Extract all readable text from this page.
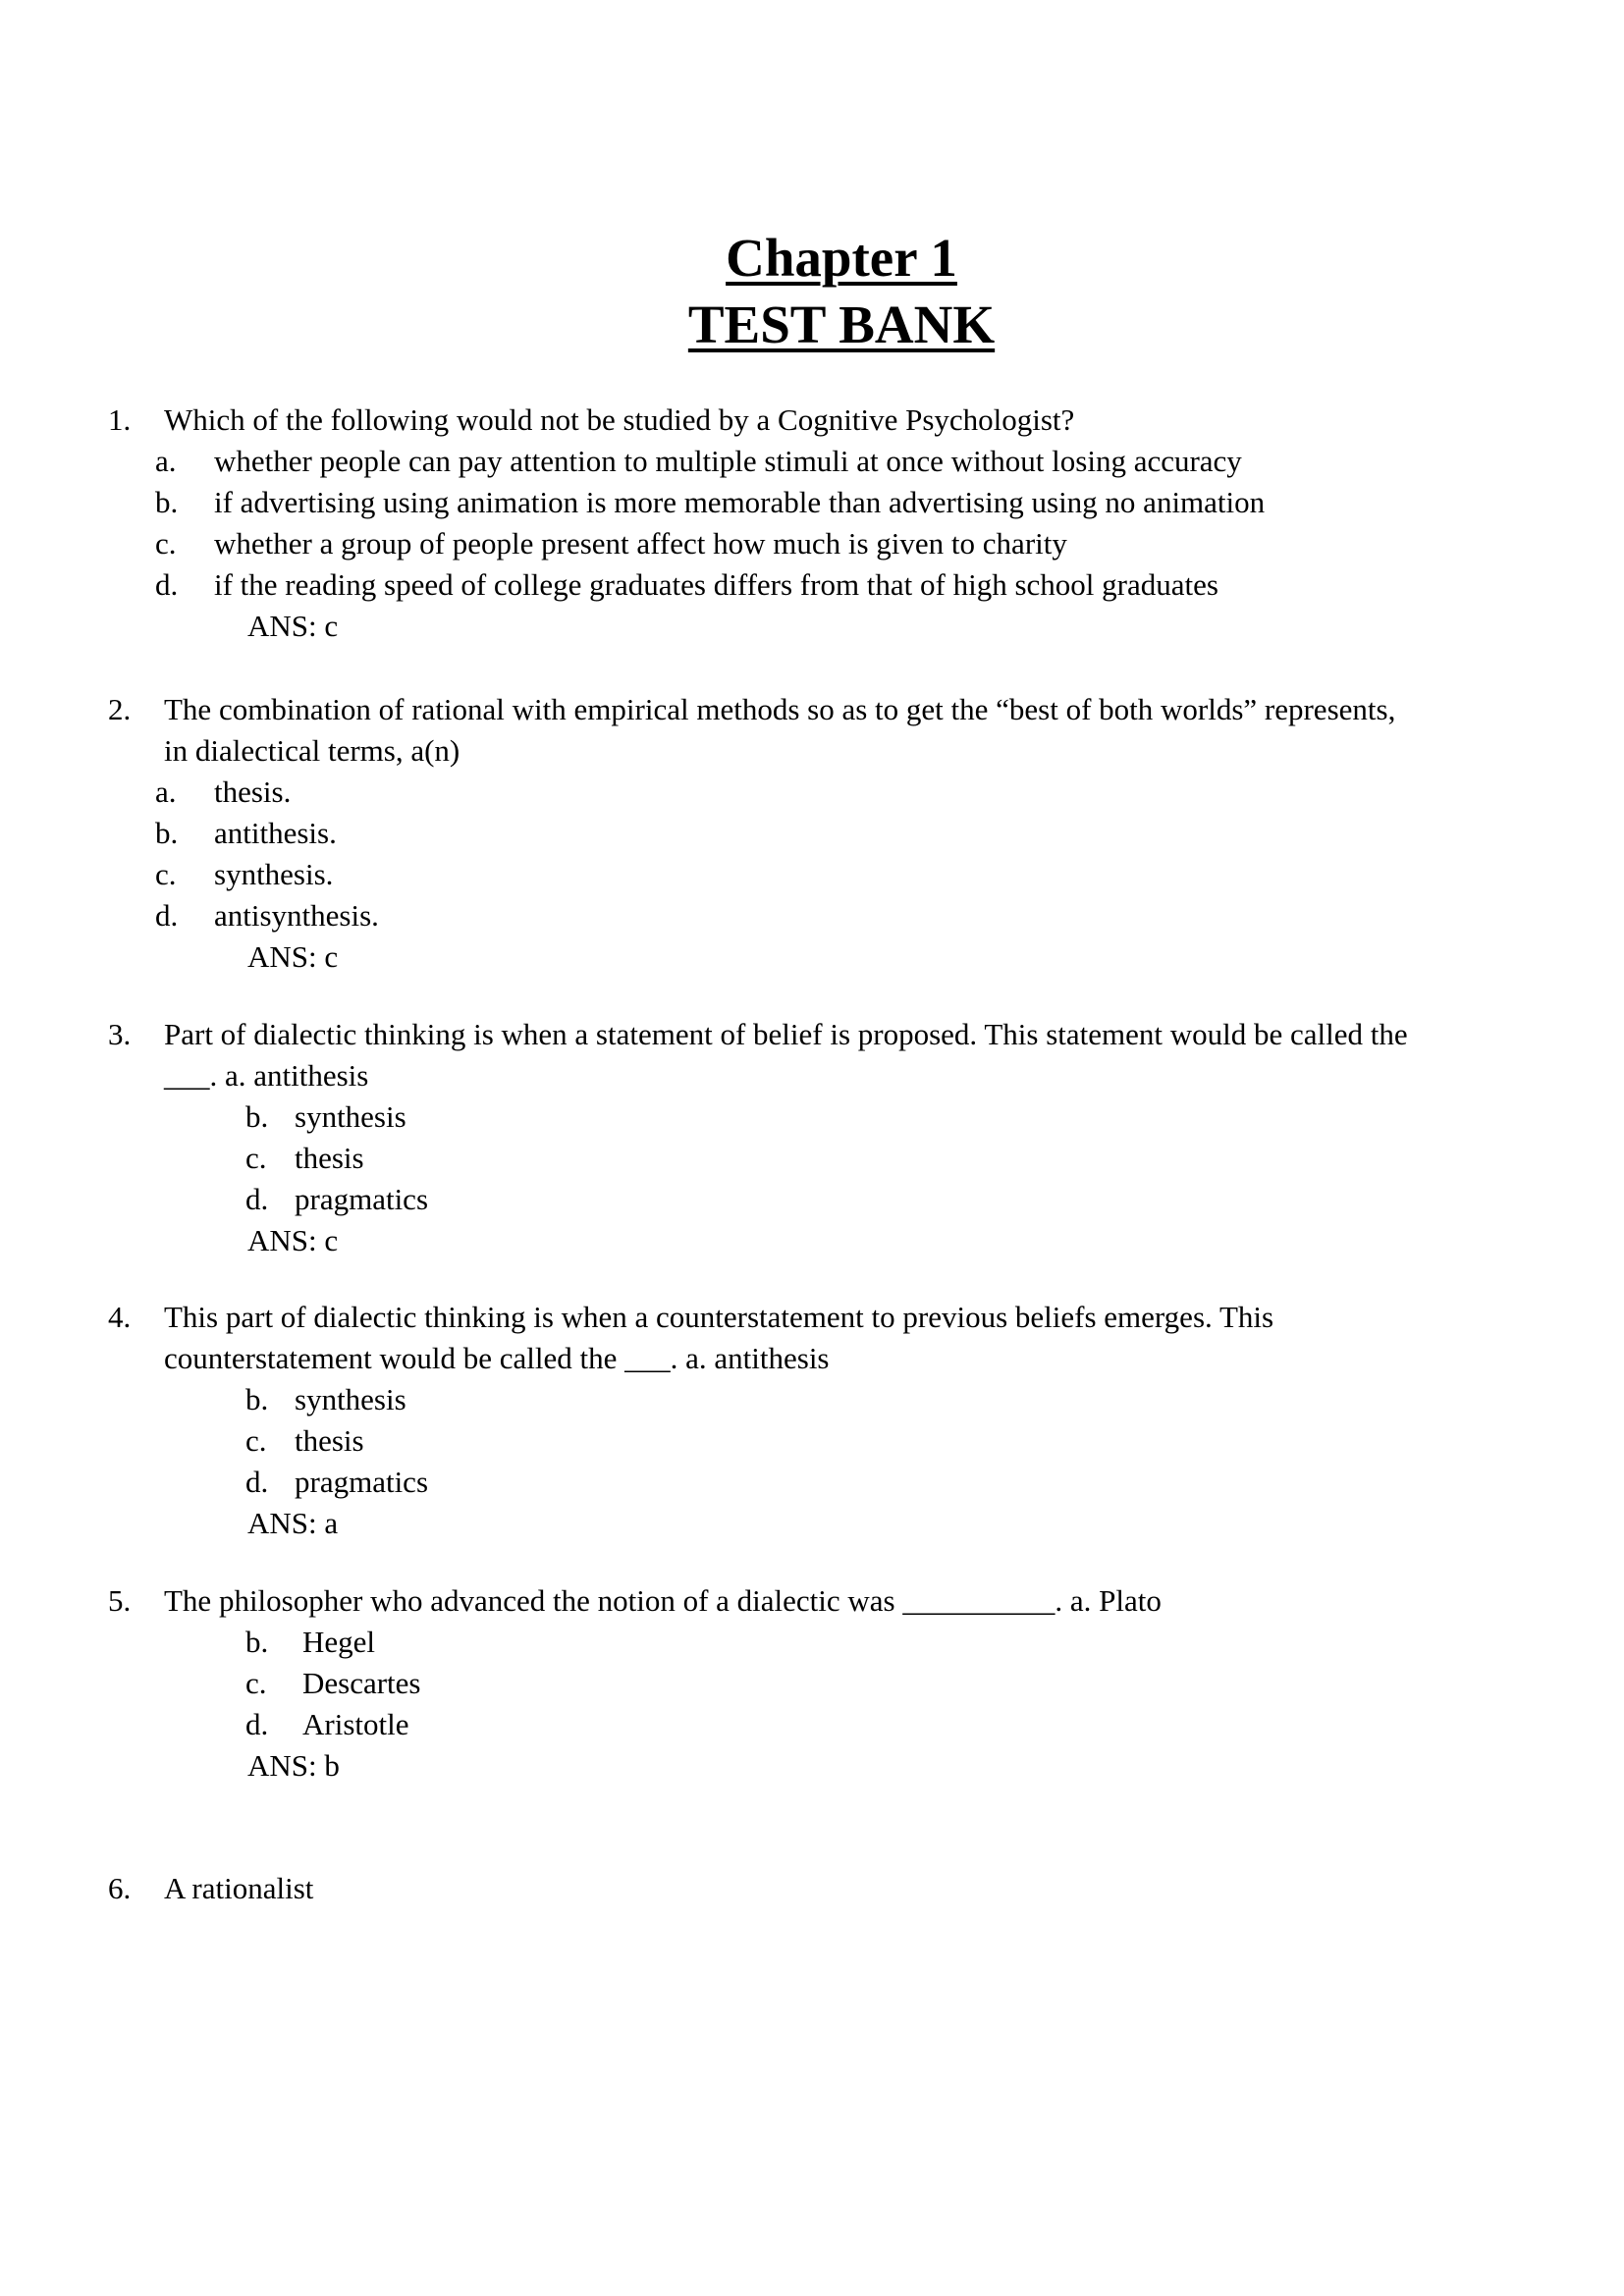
Chapter 1
TEST BANK
1. Which of the following would not be studied by a Cognitive Psychologist?
a. whether people can pay attention to multiple stimuli at once without losing accuracy
b. if advertising using animation is more memorable than advertising using no animation
c. whether a group of people present affect how much is given to charity
d. if the reading speed of college graduates differs from that of high school graduates
ANS: c
2. The combination of rational with empirical methods so as to get the “best of both worlds” represents,
in dialectical terms, a(n)
a. thesis.
b. antithesis.
c. synthesis.
d. antisynthesis.
ANS: c
3. Part of dialectic thinking is when a statement of belief is proposed. This statement would be called the
___. a. antithesis
b. synthesis
c. thesis
d. pragmatics
ANS: c
4. This part of dialectic thinking is when a counterstatement to previous beliefs emerges. This
counterstatement would be called the ___. a. antithesis
b. synthesis
c. thesis
d. pragmatics
ANS: a
5. The philosopher who advanced the notion of a dialectic was __________. a. Plato
b. Hegel
c. Descartes
d. Aristotle
ANS: b
6. A rationalist
